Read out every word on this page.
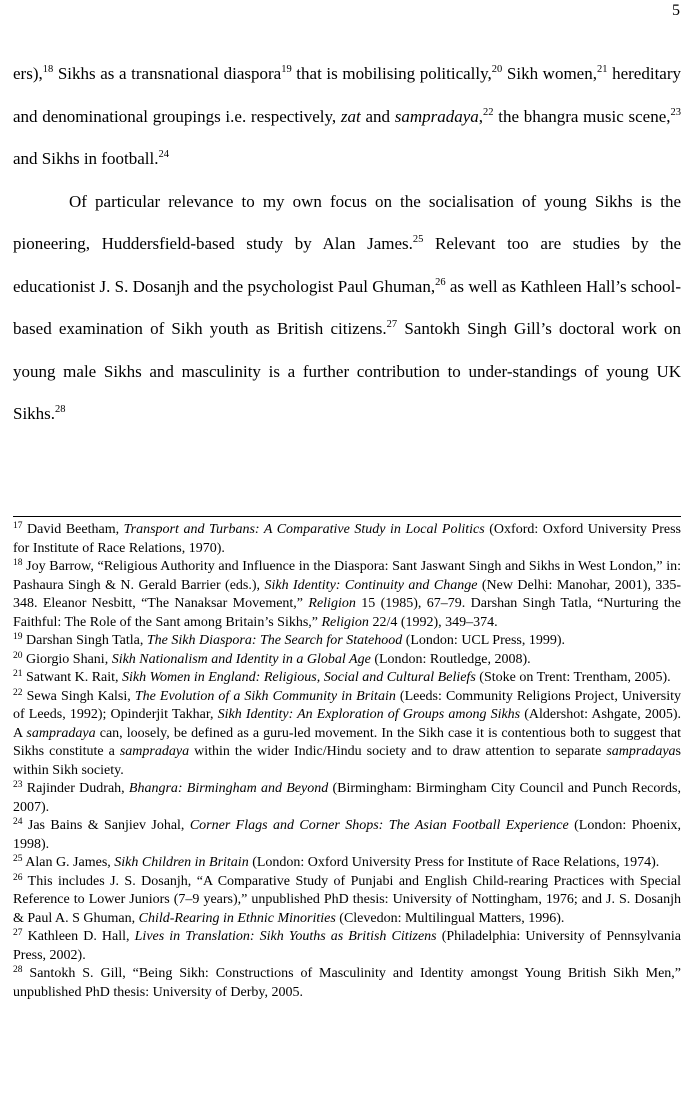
5

ers),$^{18}$ Sikhs as a transnational diaspora$^{19}$ that is mobilising politically,$^{20}$ Sikh women,$^{21}$ hereditary and denominational groupings i.e. respectively, zat and sampradaya,$^{22}$ the bhangra music scene,$^{23}$ and Sikhs in football.$^{24}$

Of particular relevance to my own focus on the socialisation of young Sikhs is the pioneering, Huddersfield-based study by Alan James.$^{25}$ Relevant too are studies by the educationist J. S. Dosanjh and the psychologist Paul Ghuman,$^{26}$ as well as Kathleen Hall’s school-based examination of Sikh youth as British citizens.$^{27}$ Santokh Singh Gill’s doctoral work on young male Sikhs and masculinity is a further contribution to under-standings of young UK Sikhs.$^{28}$

$^{17}$ David Beetham, Transport and Turbans: A Comparative Study in Local Politics (Oxford: Oxford University Press for Institute of Race Relations, 1970).

$^{18}$ Joy Barrow, “Religious Authority and Influence in the Diaspora: Sant Jaswant Singh and Sikhs in West London,” in: Pashaura Singh & N. Gerald Barrier (eds.), Sikh Identity: Continuity and Change (New Delhi: Manohar, 2001), 335-348. Eleanor Nesbitt, “The Nanaksar Movement,” Religion 15 (1985), 67–79. Darshan Singh Tatla, “Nurturing the Faithful: The Role of the Sant among Britain’s Sikhs,” Religion 22/4 (1992), 349–374.

$^{19}$ Darshan Singh Tatla, The Sikh Diaspora: The Search for Statehood (London: UCL Press, 1999).

$^{20}$ Giorgio Shani, Sikh Nationalism and Identity in a Global Age (London: Routledge, 2008).

$^{21}$ Satwant K. Rait, Sikh Women in England: Religious, Social and Cultural Beliefs (Stoke on Trent: Trentham, 2005).

$^{22}$ Sewa Singh Kalsi, The Evolution of a Sikh Community in Britain (Leeds: Community Religions Project, University of Leeds, 1992); Opinderjit Takhar, Sikh Identity: An Exploration of Groups among Sikhs (Aldershot: Ashgate, 2005). A sampradaya can, loosely, be defined as a guru-led movement. In the Sikh case it is contentious both to suggest that Sikhs constitute a sampradaya within the wider Indic/Hindu society and to draw attention to separate sampradayas within Sikh society.

$^{23}$ Rajinder Dudrah, Bhangra: Birmingham and Beyond (Birmingham: Birmingham City Council and Punch Records, 2007).

$^{24}$ Jas Bains & Sanjiev Johal, Corner Flags and Corner Shops: The Asian Football Experience (London: Phoenix, 1998).

$^{25}$ Alan G. James, Sikh Children in Britain (London: Oxford University Press for Institute of Race Relations, 1974).

$^{26}$ This includes J. S. Dosanjh, “A Comparative Study of Punjabi and English Child-rearing Practices with Special Reference to Lower Juniors (7–9 years),” unpublished PhD thesis: University of Nottingham, 1976; and J. S. Dosanjh & Paul A. S Ghuman, Child-Rearing in Ethnic Minorities (Clevedon: Multilingual Matters, 1996).

$^{27}$ Kathleen D. Hall, Lives in Translation: Sikh Youths as British Citizens (Philadelphia: University of Pennsylvania Press, 2002).

$^{28}$ Santokh S. Gill, “Being Sikh: Constructions of Masculinity and Identity amongst Young British Sikh Men,” unpublished PhD thesis: University of Derby, 2005.
